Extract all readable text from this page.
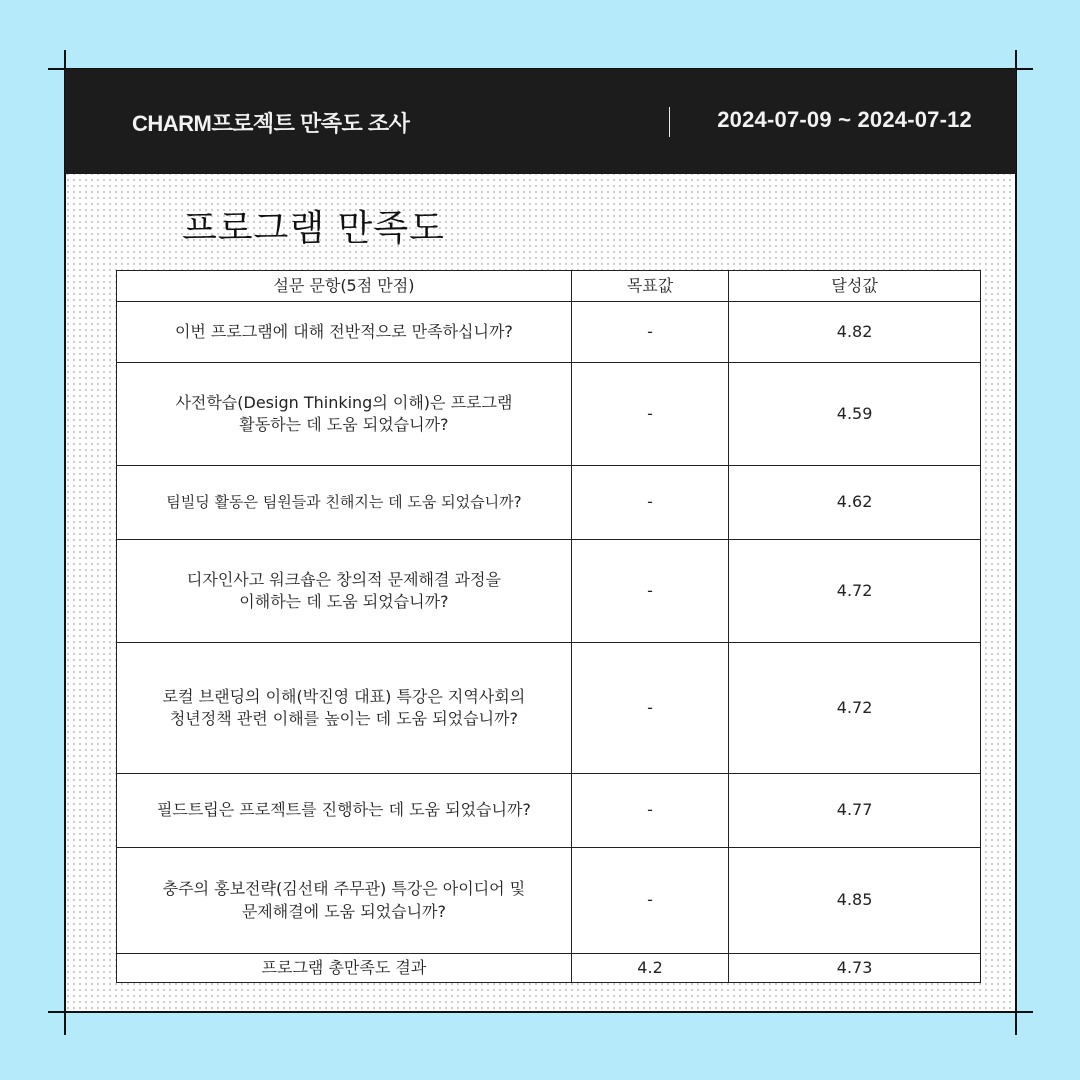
CHARM프로젝트 만족도 조사	2024-07-09 ~ 2024-07-12
프로그램 만족도
설문 문항(5점 만점)	목표값	달성값

이번 프로그램에 대해 전반적으로 만족하십니까?	-	4.82

사전학습(Design Thinking의 이해)은 프로그램
활동하는 데 도움 되었습니까?	-	4.59

팀빌딩 활동은 팀원들과 친해지는 데 도움 되었습니까?	-	4.62

디자인사고 워크숍은 창의적 문제해결 과정을
이해하는 데 도움 되었습니까?	-	4.72

로컬 브랜딩의 이해(박진영 대표) 특강은 지역사회의
청년정책 관련 이해를 높이는 데 도움 되었습니까?	-	4.72

필드트립은 프로젝트를 진행하는 데 도움 되었습니까?	-	4.77

충주의 홍보전략(김선태 주무관) 특강은 아이디어 및
문제해결에 도움 되었습니까?	-	4.85
프로그램 총만족도 결과	4.2	4.73
